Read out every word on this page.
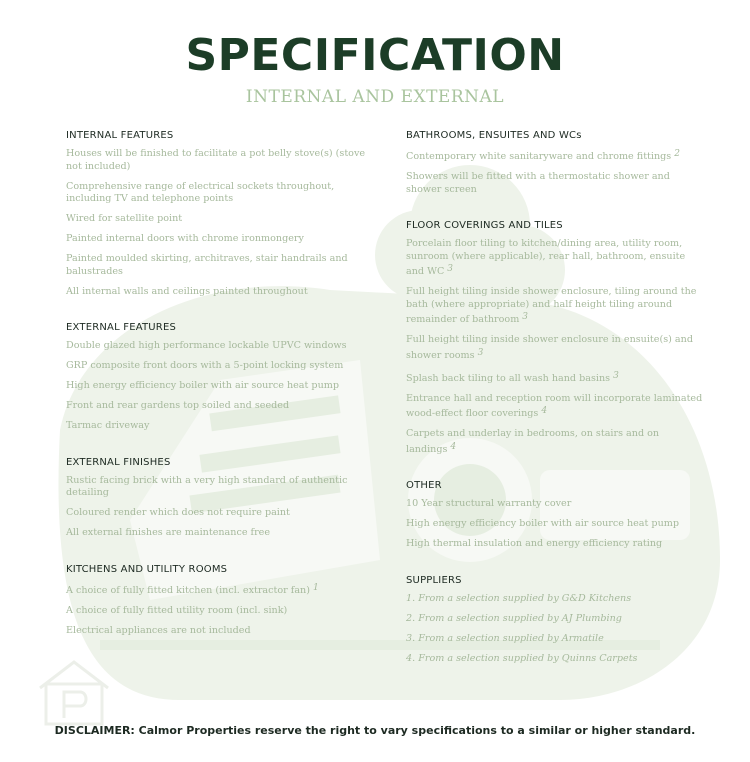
SPECIFICATION
INTERNAL AND EXTERNAL
INTERNAL FEATURES
Houses will be finished to facilitate a pot belly stove(s) (stove not included)
Comprehensive range of electrical sockets throughout, including TV and telephone points
Wired for satellite point
Painted internal doors with chrome ironmongery
Painted moulded skirting, architraves, stair handrails and balustrades
All internal walls and ceilings painted throughout
EXTERNAL FEATURES
Double glazed high performance lockable UPVC windows
GRP composite front doors with a 5-point locking system
High energy efficiency boiler with air source heat pump
Front and rear gardens top soiled and seeded
Tarmac driveway
EXTERNAL FINISHES
Rustic facing brick with a very high standard of authentic detailing
Coloured render which does not require paint
All external finishes are maintenance free
KITCHENS AND UTILITY ROOMS
A choice of fully fitted kitchen (incl. extractor fan) $^1$
A choice of fully fitted utility room (incl. sink)
Electrical appliances are not included
BATHROOMS, ENSUITES AND WCs
Contemporary white sanitaryware and chrome fittings $^2$
Showers will be fitted with a thermostatic shower and shower screen
FLOOR COVERINGS AND TILES
Porcelain floor tiling to kitchen/dining area, utility room, sunroom (where applicable), rear hall, bathroom, ensuite and WC $^3$
Full height tiling inside shower enclosure, tiling around the bath (where appropriate) and half height tiling around remainder of bathroom $^3$
Full height tiling inside shower enclosure in ensuite(s) and shower rooms $^3$
Splash back tiling to all wash hand basins $^3$
Entrance hall and reception room will incorporate laminated wood-effect floor coverings $^4$
Carpets and underlay in bedrooms, on stairs and on landings $^4$
OTHER
10 Year structural warranty cover
High energy efficiency boiler with air source heat pump
High thermal insulation and energy efficiency rating
SUPPLIERS
1. From a selection supplied by G&D Kitchens
2. From a selection supplied by AJ Plumbing
3. From a selection supplied by Armatile
4. From a selection supplied by Quinns Carpets
DISCLAIMER: Calmor Properties reserve the right to vary specifications to a similar or higher standard.
